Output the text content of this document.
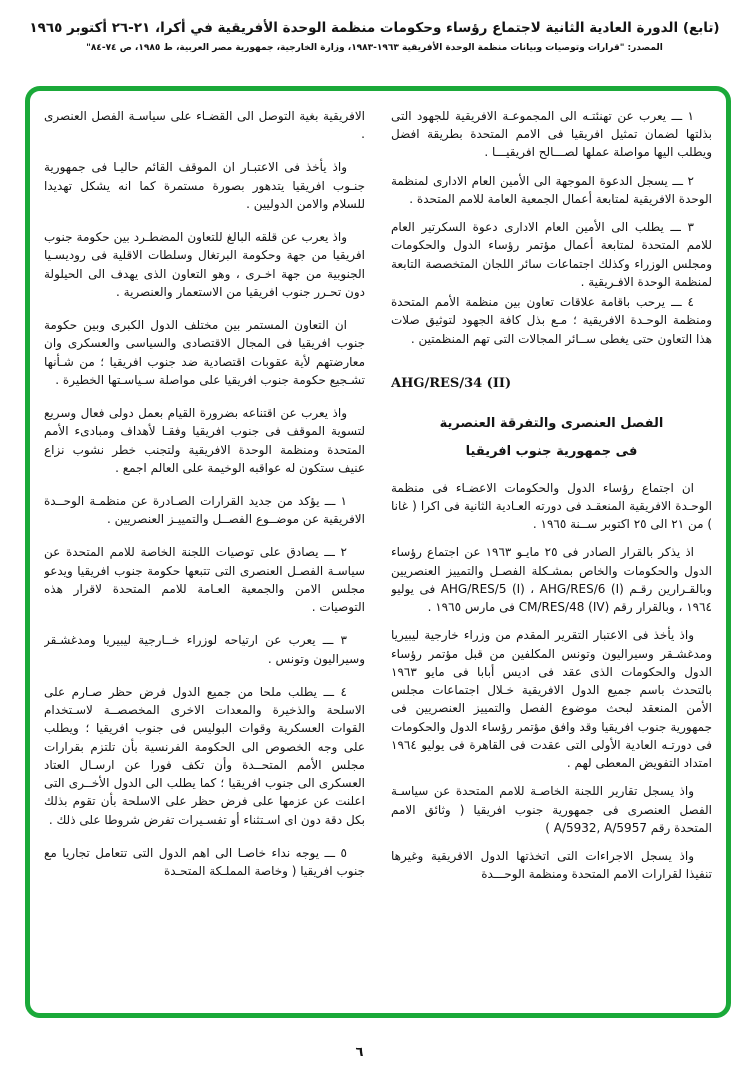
(تابع) الدورة العادية الثانية لاجتماع رؤساء وحكومات منظمة الوحدة الأفريقية في أكرا، ٢١-٢٦ أكتوبر ١٩٦٥
المصدر: "قرارات وتوصيات وبيانات منظمة الوحدة الأفريقية ١٩٦٣-١٩٨٣، وزارة الخارجية، جمهورية مصر العربية، ط ١٩٨٥، ص ٧٤-٨٤"

١ ـــ يعرب عن تهنئتـه الى المجموعـة الافريقية للجهود التى بذلتها لضمان تمثيل افريقيا فى الامم المتحدة بطريقة افضل ويطلب اليها مواصلة عملها لصـــالح افريقيـــا .

٢ ـــ يسجل الدعوة الموجهة الى الأمين العام الادارى لمنظمة الوحدة الافريقية لمتابعة أعمال الجمعية العامة للامم المتحدة .

٣ ـــ يطلب الى الأمين العام الادارى دعوة السكرتير العام للامم المتحدة لمتابعة أعمال مؤتمر رؤساء الدول والحكومات ومجلس الوزراء وكذلك اجتماعات سائر اللجان المتخصصة التابعة لمنظمة الوحدة الافـريقية .

٤ ـــ يرحب باقامة علاقات تعاون بين منظمة الأمم المتحدة ومنظمة الوحـدة الافريقية ؛ مـع بذل كافة الجهود لتوثيق صلات هذا التعاون حتى يغطى ســائر المجالات التى تهم المنظمتين .

AHG/RES/34 (II)
الفصل العنصرى والتفرقة العنصرية
فى جمهورية جنوب افريقيا

ان اجتماع رؤساء الدول والحكومات الاعضـاء فى منظمة الوحـدة الافريقية المنعقـد فى دورته العـادية الثانية فى اكرا ( غانا ) من ٢١ الى ٢٥ اكتوبر ســنة ١٩٦٥ .

اذ يذكر بالقرار الصادر فى ٢٥ مايـو ١٩٦٣ عن اجتماع رؤساء الدول والحكومات والخاص بمشـكلة الفصـل والتمييز العنصريين وبالقـرارين رقـم AHG/RES/5 (I) ، AHG/RES/6 (I) فى يوليو ١٩٦٤ ، وبالقرار رقم CM/RES/48 (IV) فى مارس ١٩٦٥ .

واذ يأخذ فى الاعتبار التقرير المقدم من وزراء خارجية ليبيريا ومدغشـقر وسيراليون وتونس المكلفين من قبل مؤتمر رؤساء الدول والحكومات الذى عقد فى اديس أبابا فى مايو ١٩٦٣ بالتحدث باسم جميع الدول الافريقية خـلال اجتماعات مجلس الأمن المنعقد لبحث موضوع الفصل والتمييز العنصريين فى جمهورية جنوب افريقيا وقد وافق مؤتمر رؤساء الدول والحكومات فى دورتـه العادية الأولى التى عقدت فى القاهرة فى يوليو ١٩٦٤ امتداد التفويض المعطى لهم .

واذ يسجل تقارير اللجنة الخاصـة للامم المتحدة عن سياسـة الفصل العنصرى فى جمهورية جنوب افريقيا ( وثائق الامم المتحدة رقم A/5932, A/5957 )

واذ يسجل الاجراءات التى اتخذتها الدول الافريقية وغيرها تنفيذا لقرارات الامم المتحدة ومنظمة الوحـــدة

الافريقية بغية التوصل الى القضـاء على سياسـة الفصل العنصرى .

واذ يأخذ فى الاعتبـار ان الموقف القائم حاليـا فى جمهورية جنـوب افريقيا يتدهور بصورة مستمرة كما انه يشكل تهديدا للسلام والامن الدوليين .

واذ يعرب عن قلقه البالغ للتعاون المضطـرد بين حكومة جنوب افريقيا من جهة وحكومة البرتغال وسلطات الاقلية فى روديسـيا الجنوبية من جهة اخـرى ، وهو التعاون الذى يهدف الى الحيلولة دون تحـرر جنوب افريقيا من الاستعمار والعنصرية .

ان التعاون المستمر بين مختلف الدول الكبرى وبين حكومة جنوب افريقيا فى المجال الاقتصادى والسياسى والعسكرى وان معارضتهم لأية عقوبات اقتصادية ضد جنوب افريقيا ؛ من شـأنها تشـجيع حكومة جنوب افريقيا على مواصلة سـياسـتها الخطيرة .

واذ يعرب عن اقتناعه بضرورة القيام بعمل دولى فعال وسريع لتسوية الموقف فى جنوب افريقيا وفقـا لأهداف ومبادىء الأمم المتحدة ومنظمة الوحدة الافريقية ولتجنب خطر نشوب نزاع عنيف ستكون له عواقبه الوخيمة على العالم اجمع .

١ ـــ يؤكد من جديد القرارات الصـادرة عن منظمـة الوحــدة الافريقية عن موضــوع الفصــل والتمييـز العنصريين .

٢ ـــ يصادق على توصيات اللجنة الخاصة للامم المتحدة عن سياسـة الفصـل العنصرى التى تتبعها حكومة جنوب افريقيا ويدعو مجلس الامن والجمعية العـامة للامم المتحدة لاقرار هذه التوصيات .

٣ ـــ يعرب عن ارتياحه لوزراء خــارجية ليبيريا ومدغشـقر وسيراليون وتونس .

٤ ـــ يطلب ملحا من جميع الدول فرض حظر صـارم على الاسلحة والذخيرة والمعدات الاخرى المخصصــة لاسـتخدام القوات العسكرية وقوات البوليس فى جنوب افريقيا ؛ ويطلب على وجه الخصوص الى الحكومة الفرنسية بأن تلتزم بقرارات مجلس الأمم المتحــدة وأن تكف فورا عن ارسـال العتاد العسكرى الى جنوب افريقيا ؛ كما يطلب الى الدول الأخــرى التى اعلنت عن عزمها على فرض حظر على الاسلحة بأن تقوم بذلك بكل دقة دون اى اسـتثناء أو تفسـيرات تفرض شروطا على ذلك .

٥ ـــ يوجه نداء خاصـا الى اهم الدول التى تتعامل تجاريا مع جنوب افريقيا ( وخاصة المملـكة المتحـدة

٦
